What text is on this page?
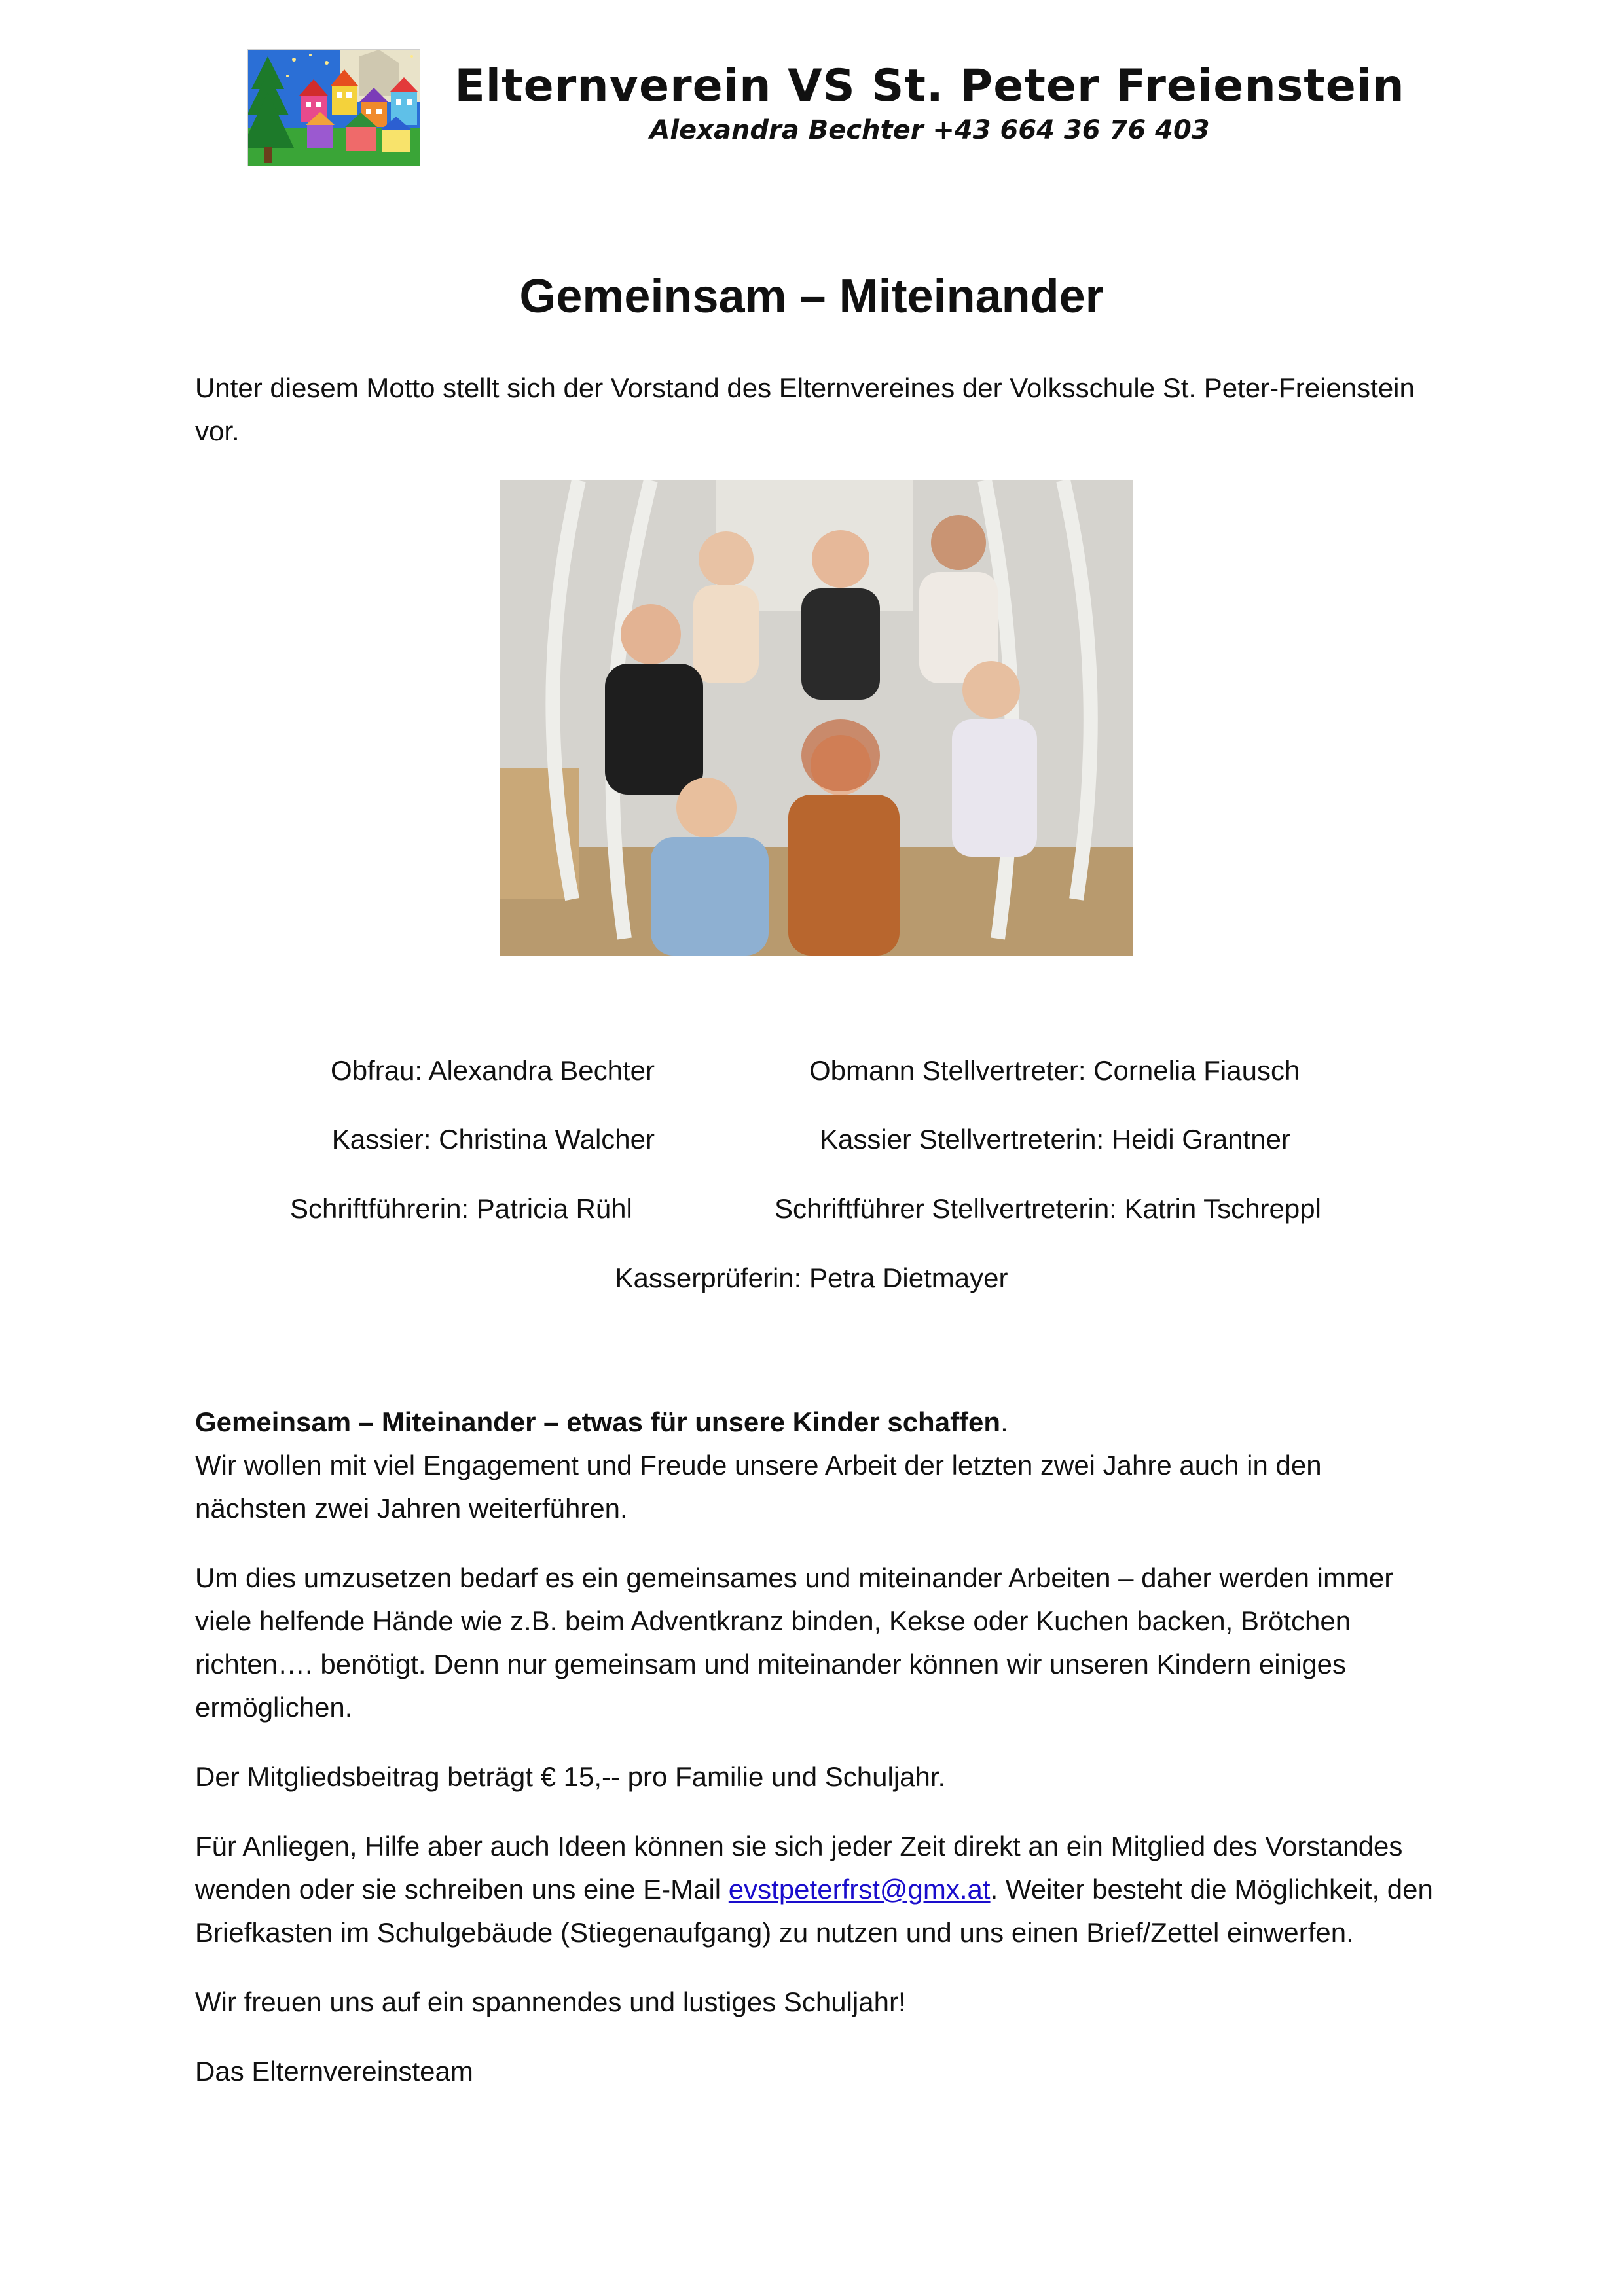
Elternverein VS St. Peter Freienstein
Alexandra Bechter +43 664 36 76 403
Gemeinsam – Miteinander
Unter diesem Motto stellt sich der Vorstand des Elternvereines der Volksschule St. Peter-Freienstein vor.
Obfrau: Alexandra Bechter	Obmann Stellvertreter: Cornelia Fiausch
Kassier: Christina Walcher	Kassier Stellvertreterin: Heidi Grantner
Schriftführerin: Patricia Rühl	Schriftführer Stellvertreterin: Katrin Tschreppl
Kasserprüferin: Petra Dietmayer
Gemeinsam – Miteinander – etwas für unsere Kinder schaffen.
Wir wollen mit viel Engagement und Freude unsere Arbeit der letzten zwei Jahre auch in den nächsten zwei Jahren weiterführen.
Um dies umzusetzen bedarf es ein gemeinsames und miteinander Arbeiten – daher werden immer viele helfende Hände wie z.B. beim Adventkranz binden, Kekse oder Kuchen backen, Brötchen richten…. benötigt. Denn nur gemeinsam und miteinander können wir unseren Kindern einiges ermöglichen.
Der Mitgliedsbeitrag beträgt € 15,-- pro Familie und Schuljahr.
Für Anliegen, Hilfe aber auch Ideen können sie sich jeder Zeit direkt an ein Mitglied des Vorstandes wenden oder sie schreiben uns eine E-Mail evstpeterfrst@gmx.at. Weiter besteht die Möglichkeit, den Briefkasten im Schulgebäude (Stiegenaufgang) zu nutzen und uns einen Brief/Zettel einwerfen.
Wir freuen uns auf ein spannendes und lustiges Schuljahr!
Das Elternvereinsteam
